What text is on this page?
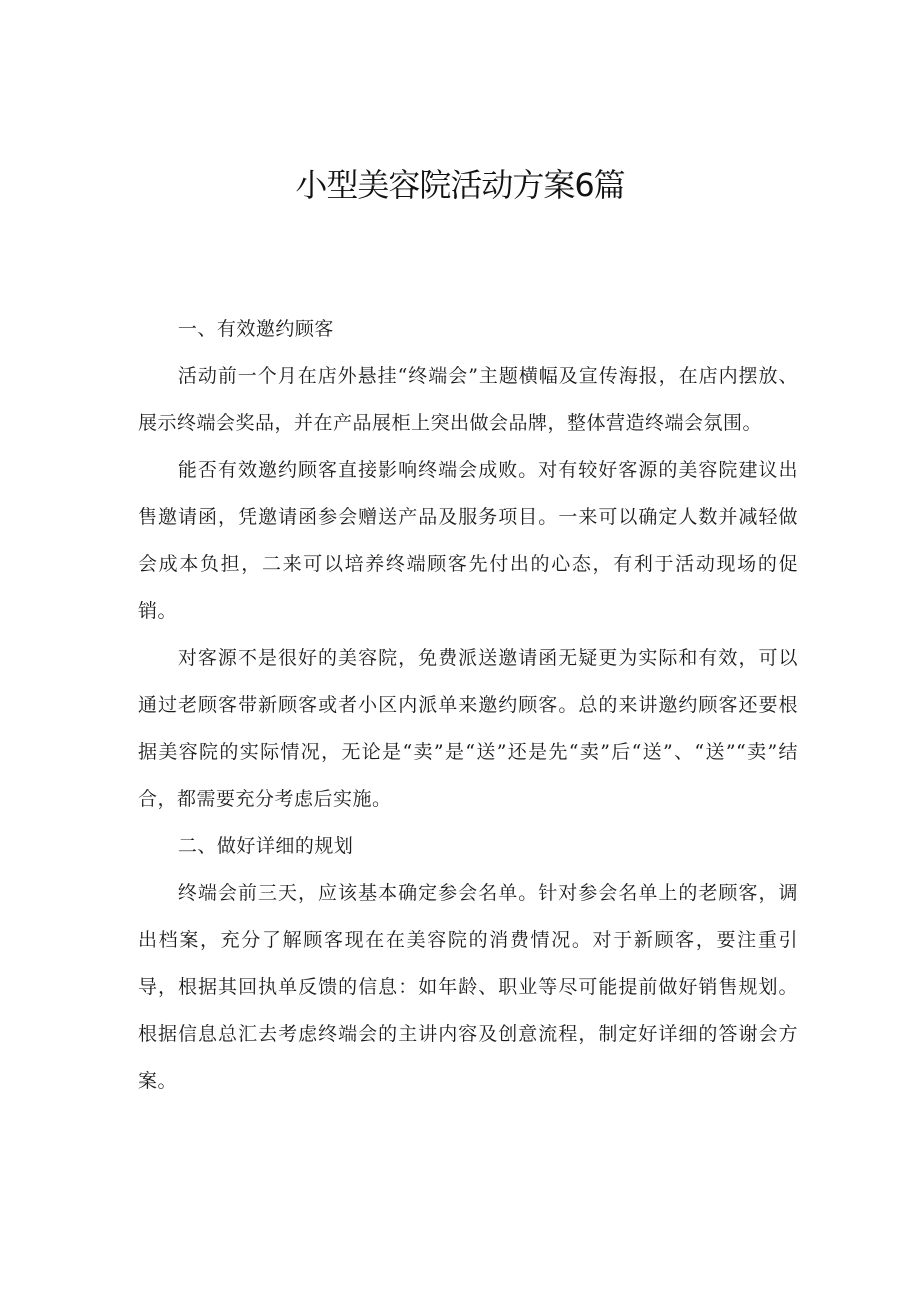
小型美容院活动方案6篇
一、有效邀约顾客

活动前一个月在店外悬挂“终端会”主题横幅及宣传海报，在店内摆放、展示终端会奖品，并在产品展柜上突出做会品牌，整体营造终端会氛围。

能否有效邀约顾客直接影响终端会成败。对有较好客源的美容院建议出售邀请函，凭邀请函参会赠送产品及服务项目。一来可以确定人数并减轻做会成本负担，二来可以培养终端顾客先付出的心态，有利于活动现场的促销。

对客源不是很好的美容院，免费派送邀请函无疑更为实际和有效，可以通过老顾客带新顾客或者小区内派单来邀约顾客。总的来讲邀约顾客还要根据美容院的实际情况，无论是“卖”是“送”还是先“卖”后“送”、“送”“卖”结合，都需要充分考虑后实施。

二、做好详细的规划

终端会前三天，应该基本确定参会名单。针对参会名单上的老顾客，调出档案，充分了解顾客现在在美容院的消费情况。对于新顾客，要注重引导，根据其回执单反馈的信息：如年龄、职业等尽可能提前做好销售规划。根据信息总汇去考虑终端会的主讲内容及创意流程，制定好详细的答谢会方案。
